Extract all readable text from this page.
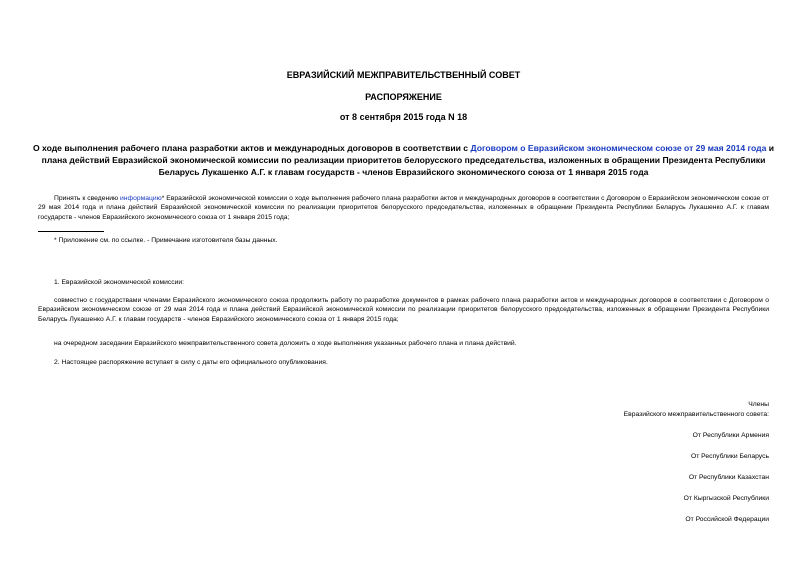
ЕВРАЗИЙСКИЙ МЕЖПРАВИТЕЛЬСТВЕННЫЙ СОВЕТ
РАСПОРЯЖЕНИЕ
от 8 сентября 2015 года N 18
О ходе выполнения рабочего плана разработки актов и международных договоров в соответствии с Договором о Евразийском экономическом союзе от 29 мая 2014 года и плана действий Евразийской экономической комиссии по реализации приоритетов белорусского председательства, изложенных в обращении Президента Республики Беларусь Лукашенко А.Г. к главам государств - членов Евразийского экономического союза от 1 января 2015 года
Принять к сведению информацию* Евразийской экономической комиссии о ходе выполнения рабочего плана разработки актов и международных договоров в соответствии с Договором о Евразийском экономическом союзе от 29 мая 2014 года и плана действий Евразийской экономической комиссии по реализации приоритетов белорусского председательства, изложенных в обращении Президента Республики Беларусь Лукашенко А.Г. к главам государств - членов Евразийского экономического союза от 1 января 2015 года;
* Приложение см. по ссылке. - Примечание изготовителя базы данных.
1. Евразийской экономической комиссии:
совместно с государствами членами Евразийского экономического союза продолжить работу по разработке документов в рамках рабочего плана разработки актов и международных договоров в соответствии с Договором о Евразийском экономическом союзе от 29 мая 2014 года и плана действий Евразийской экономической комиссии по реализации приоритетов белорусского председательства, изложенных в обращении Президента Республики Беларусь Лукашенко А.Г. к главам государств - членов Евразийского экономического союза от 1 января 2015 года;
на очередном заседании Евразийского межправительственного совета доложить о ходе выполнения указанных рабочего плана и плана действий.
2. Настоящее распоряжение вступает в силу с даты его официального опубликования.
Члены
Евразийского межправительственного совета:
От Республики Армения
От Республики Беларусь
От Республики Казахстан
От Кыргызской Республики
От Российской Федерации
